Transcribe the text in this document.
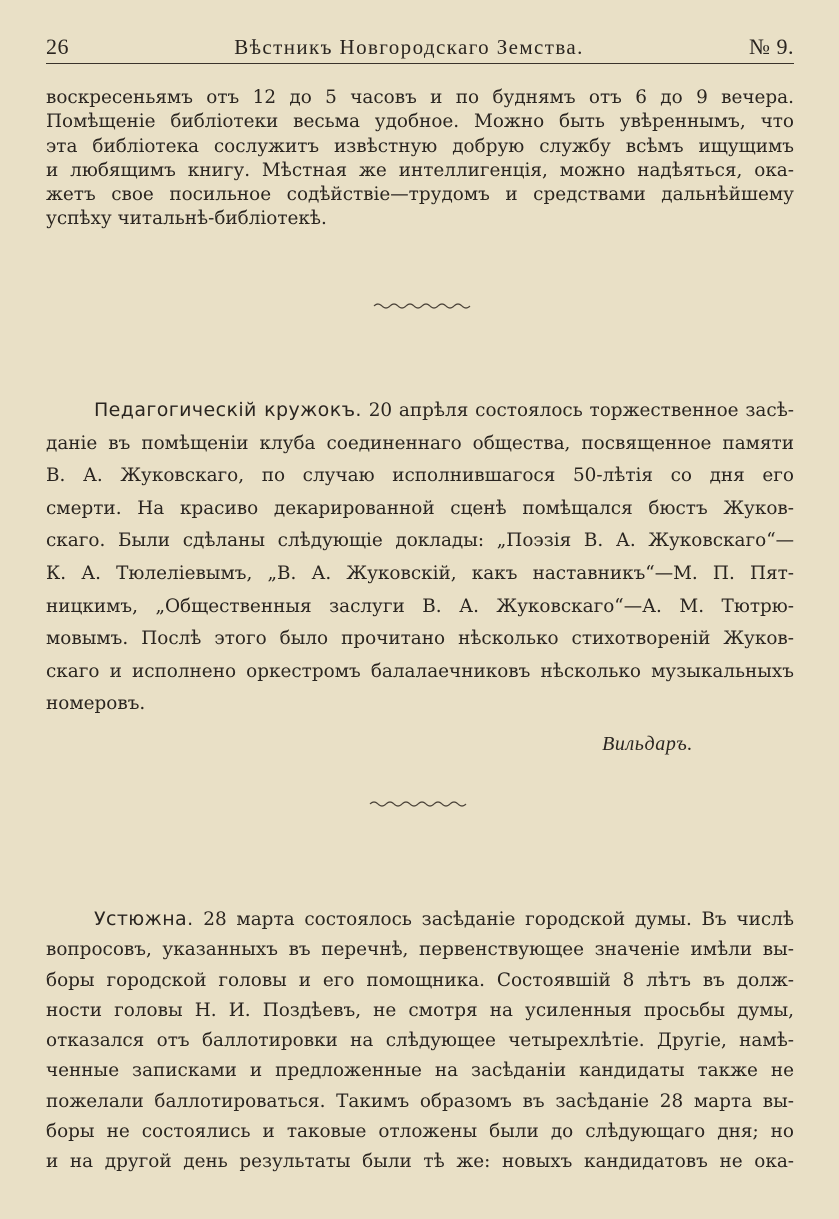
26	Вѣстникъ Новгородскаго Земства.	№ 9.
воскресеньямъ отъ 12 до 5 часовъ и по буднямъ отъ 6 до 9 вечера.
Помѣщеніе библіотеки весьма удобное. Можно быть увѣреннымъ, что
эта библіотека сослужитъ извѣстную добрую службу всѣмъ ищущимъ
и любящимъ книгу. Мѣстная же интеллигенція, можно надѣяться, ока-
жетъ свое посильное содѣйствіе—трудомъ и средствами дальнѣйшему
успѣху читальнѣ-библіотекѣ.
Педагогическій кружокъ. 20 апрѣля состоялось торжественное засѣ-
даніе въ помѣщеніи клуба соединеннаго общества, посвященное памяти
В. А. Жуковскаго, по случаю исполнившагося 50-лѣтія со дня его
смерти. На красиво декарированной сценѣ помѣщался бюстъ Жуков-
скаго. Были сдѣланы слѣдующіе доклады: „Поэзія В. А. Жуковскаго“—
К. А. Тюлеліевымъ, „В. А. Жуковскій, какъ наставникъ“—М. П. Пят-
ницкимъ, „Общественныя заслуги В. А. Жуковскаго“—А. М. Тютрю-
мовымъ. Послѣ этого было прочитано нѣсколько стихотвореній Жуков-
скаго и исполнено оркестромъ балалаечниковъ нѣсколько музыкальныхъ
номеровъ.
Вильдаръ.
Устюжна. 28 марта состоялось засѣданіе городской думы. Въ числѣ
вопросовъ, указанныхъ въ перечнѣ, первенствующее значеніе имѣли вы-
боры городской головы и его помощника. Состоявшій 8 лѣтъ въ долж-
ности головы Н. И. Поздѣевъ, не смотря на усиленныя просьбы думы,
отказался отъ баллотировки на слѣдующее четырехлѣтіе. Другіе, намѣ-
ченные записками и предложенные на засѣданіи кандидаты также не
пожелали баллотироваться. Такимъ образомъ въ засѣданіе 28 марта вы-
боры не состоялись и таковые отложены были до слѣдующаго дня; но
и на другой день результаты были тѣ же: новыхъ кандидатовъ не ока-
